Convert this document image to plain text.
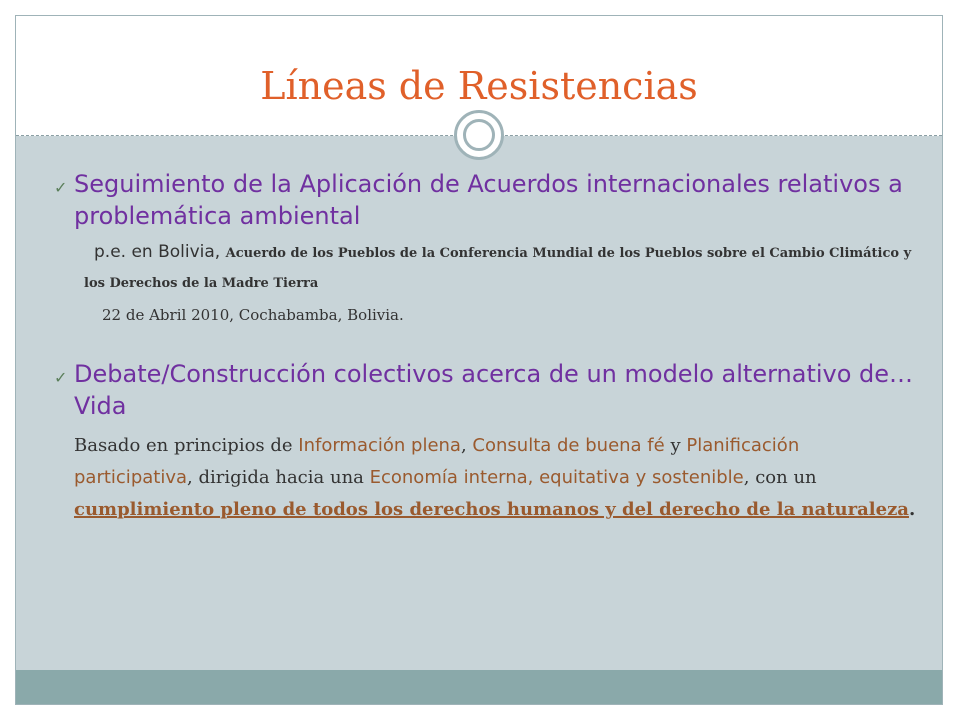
Líneas de Resistencias
✓ Seguimiento de la Aplicación de Acuerdos internacionales relativos a problemática ambiental
p.e. en Bolivia, Acuerdo de los Pueblos de la Conferencia Mundial de los Pueblos sobre el Cambio Climático y los Derechos de la Madre Tierra
22 de Abril 2010, Cochabamba, Bolivia.
✓ Debate/Construcción colectivos acerca de un modelo alternativo de… Vida
Basado en principios de Información plena, Consulta de buena fé y Planificación participativa, dirigida hacia una Economía interna, equitativa y sostenible, con un cumplimiento pleno de todos los derechos humanos y del derecho de la naturaleza.
